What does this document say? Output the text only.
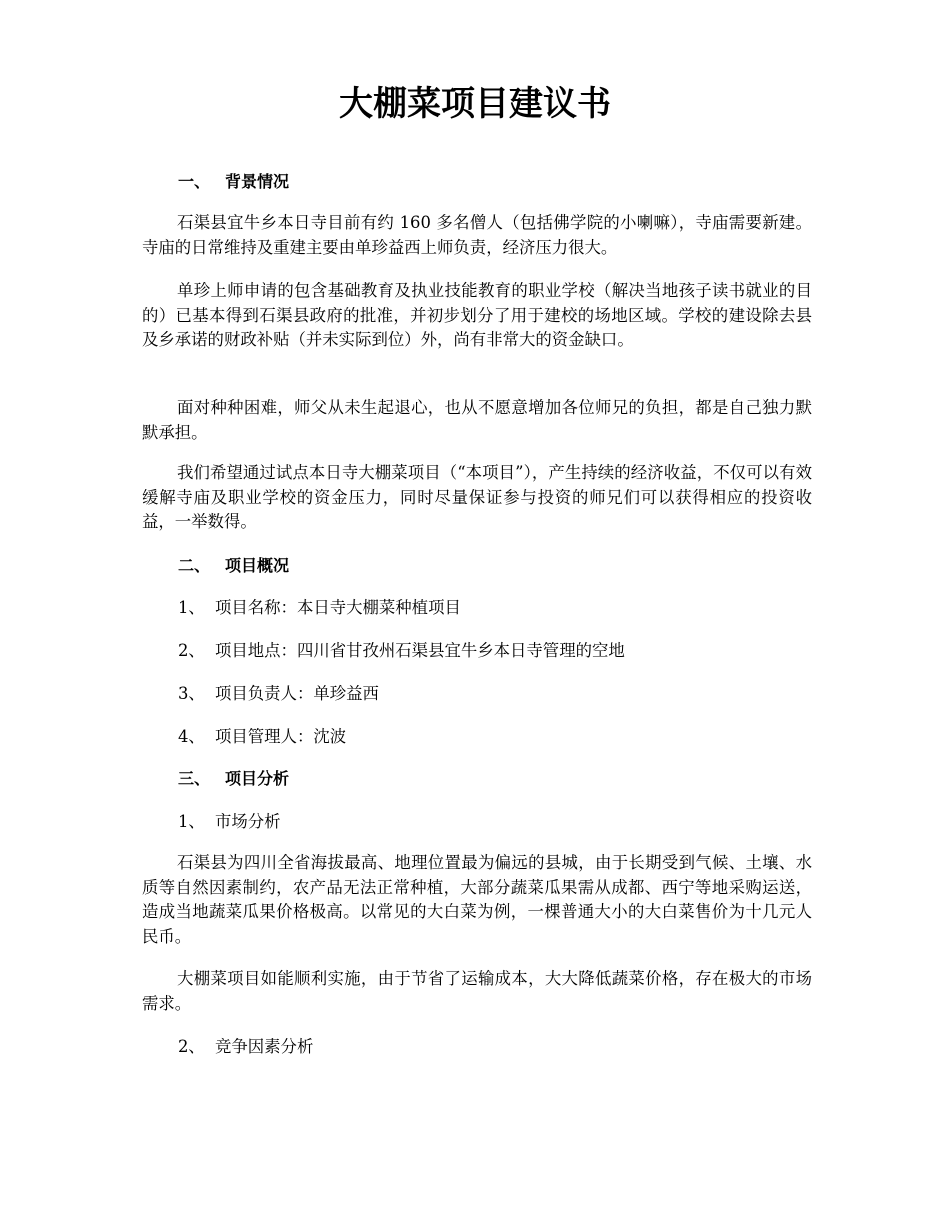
大棚菜项目建议书
一、 背景情况
石渠县宜牛乡本日寺目前有约 160 多名僧人（包括佛学院的小喇嘛），寺庙需要新建。寺庙的日常维持及重建主要由单珍益西上师负责，经济压力很大。
单珍上师申请的包含基础教育及执业技能教育的职业学校（解决当地孩子读书就业的目的）已基本得到石渠县政府的批准，并初步划分了用于建校的场地区域。学校的建设除去县及乡承诺的财政补贴（并未实际到位）外，尚有非常大的资金缺口。
面对种种困难，师父从未生起退心，也从不愿意增加各位师兄的负担，都是自己独力默默承担。
我们希望通过试点本日寺大棚菜项目（“本项目”），产生持续的经济收益，不仅可以有效缓解寺庙及职业学校的资金压力，同时尽量保证参与投资的师兄们可以获得相应的投资收益，一举数得。
二、 项目概况
1、 项目名称：本日寺大棚菜种植项目
2、 项目地点：四川省甘孜州石渠县宜牛乡本日寺管理的空地
3、 项目负责人：单珍益西
4、 项目管理人：沈波
三、 项目分析
1、 市场分析
石渠县为四川全省海拔最高、地理位置最为偏远的县城，由于长期受到气候、土壤、水质等自然因素制约，农产品无法正常种植，大部分蔬菜瓜果需从成都、西宁等地采购运送，造成当地蔬菜瓜果价格极高。以常见的大白菜为例，一棵普通大小的大白菜售价为十几元人民币。
大棚菜项目如能顺利实施，由于节省了运输成本，大大降低蔬菜价格，存在极大的市场需求。
2、 竞争因素分析
